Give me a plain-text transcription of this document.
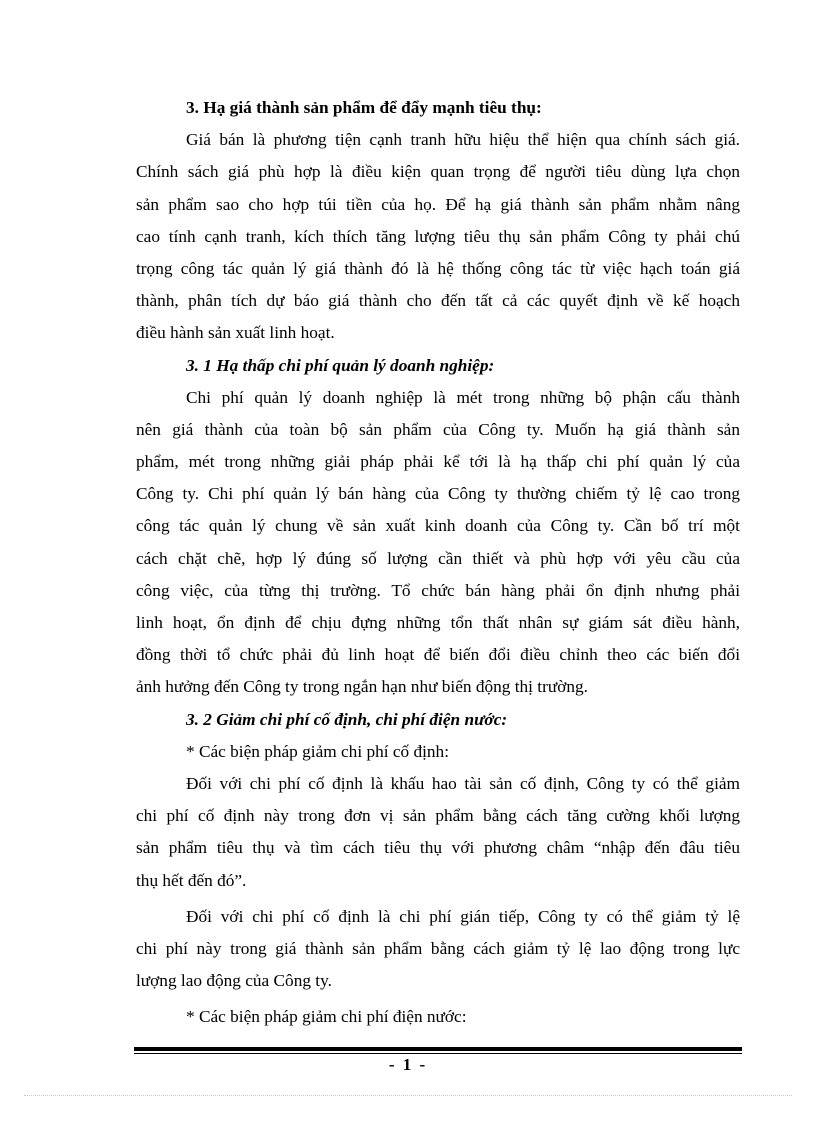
3. Hạ giá thành sản phẩm để đẩy mạnh tiêu thụ:
Giá bán là phương tiện cạnh tranh hữu hiệu thể hiện qua chính sách giá.
Chính sách giá phù hợp là điều kiện quan trọng để người tiêu dùng lựa chọn
sản phẩm sao cho hợp túi tiền của họ. Để hạ giá thành sản phẩm nhằm nâng
cao tính cạnh tranh, kích thích tăng lượng tiêu thụ sản phẩm Công ty phải chú
trọng công tác quản lý giá thành đó là hệ thống công tác từ việc hạch toán giá
thành, phân tích dự báo giá thành cho đến tất cả các quyết định về kế hoạch
điều hành sản xuất linh hoạt.
3. 1 Hạ thấp chi phí quản lý doanh nghiệp:
Chi phí quản lý doanh nghiệp là mét trong những bộ phận cấu thành
nên giá thành của toàn bộ sản phẩm của Công ty. Muốn hạ giá thành sản
phẩm, mét trong những giải pháp phải kể tới là hạ thấp chi phí quản lý của
Công ty. Chi phí quản lý bán hàng của Công ty thường chiếm tỷ lệ cao trong
công tác quản lý chung về sản xuất kinh doanh của Công ty. Cần bố trí một
cách chặt chẽ, hợp lý đúng số lượng cần thiết và phù hợp với yêu cầu của
công việc, của từng thị trường. Tổ chức bán hàng phải ổn định nhưng phải
linh hoạt, ổn định để chịu đựng những tổn thất nhân sự giám sát điều hành,
đồng thời tổ chức phải đủ linh hoạt để biến đổi điều chỉnh theo các biến đổi
ảnh hưởng đến Công ty trong ngắn hạn như biến động thị trường.
3. 2 Giảm chi phí cố định, chi phí điện nước:
* Các biện pháp giảm chi phí cố định:
Đối với chi phí cố định là khấu hao tài sản cố định, Công ty có thể giảm
chi phí cố định này trong đơn vị sản phẩm bằng cách tăng cường khối lượng
sản phẩm tiêu thụ và tìm cách tiêu thụ với phương châm “nhập đến đâu tiêu
thụ hết đến đó”.
Đối với chi phí cố định là chi phí gián tiếp, Công ty có thể giảm tỷ lệ
chi phí này trong giá thành sản phẩm bằng cách giảm tỷ lệ lao động trong lực
lượng lao động của Công ty.
* Các biện pháp giảm chi phí điện nước:
- 1 -
